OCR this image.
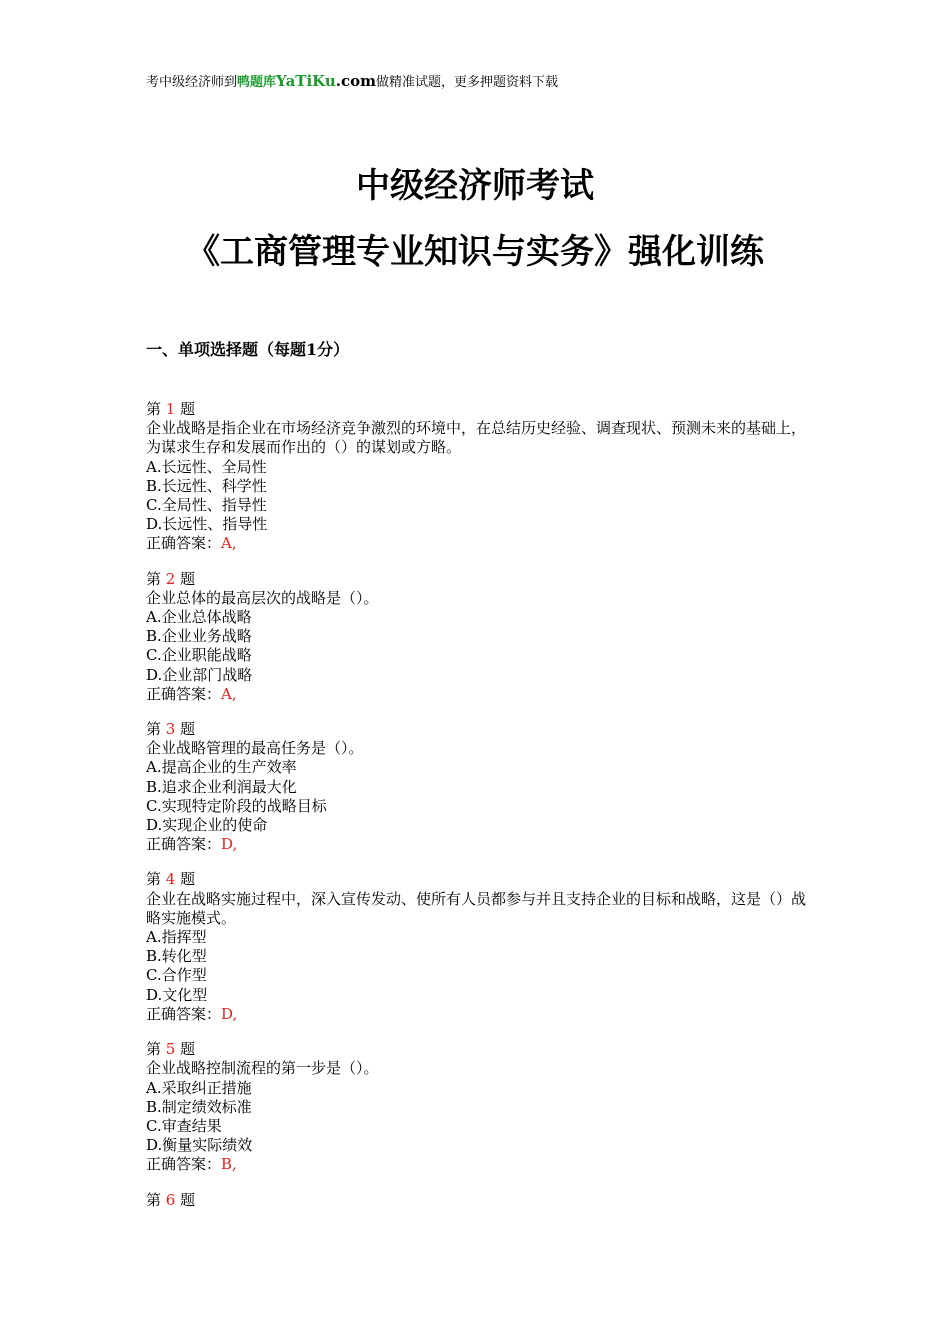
考中级经济师到鸭题库YaTiKu.com做精准试题，更多押题资料下载
中级经济师考试
《工商管理专业知识与实务》强化训练
一、单项选择题（每题1分）

第 1 题

企业战略是指企业在市场经济竞争激烈的环境中，在总结历史经验、调查现状、预测未来的基础上，为谋求生存和发展而作出的（）的谋划或方略。

A.长远性、全局性

B.长远性、科学性

C.全局性、指导性

D.长远性、指导性

正确答案：A,

第 2 题

企业总体的最高层次的战略是（）。

A.企业总体战略

B.企业业务战略

C.企业职能战略

D.企业部门战略

正确答案：A,

第 3 题

企业战略管理的最高任务是（）。

A.提高企业的生产效率

B.追求企业利润最大化

C.实现特定阶段的战略目标

D.实现企业的使命

正确答案：D,

第 4 题

企业在战略实施过程中，深入宣传发动、使所有人员都参与并且支持企业的目标和战略，这是（）战略实施模式。

A.指挥型

B.转化型

C.合作型

D.文化型

正确答案：D,

第 5 题

企业战略控制流程的第一步是（）。

A.采取纠正措施

B.制定绩效标准

C.审查结果

D.衡量实际绩效

正确答案：B,

第 6 题
